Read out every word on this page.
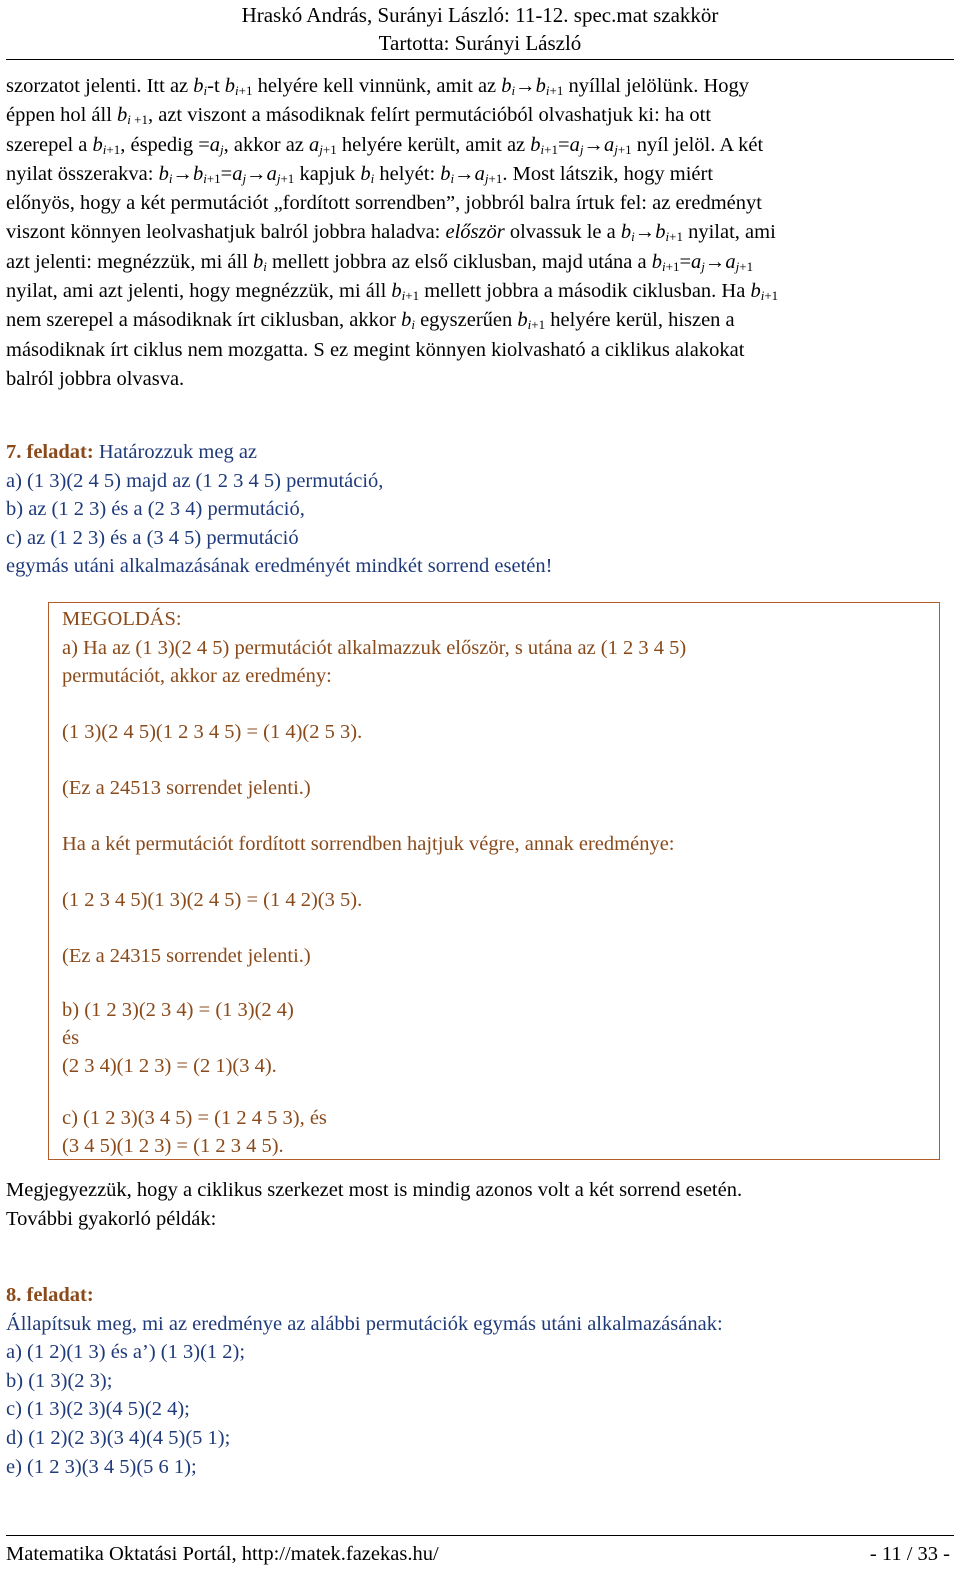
Hraskó András, Surányi László: 11-12. spec.mat szakkör
Tartotta: Surányi László
szorzatot jelenti. Itt az $b_i-t$ $b_{i+1}$ helyére kell vinnünk, amit az $b_i\to b_{i+1}$ nyíllal jelölünk. Hogy
éppen hol áll $b_i$ $_{+1}$, azt viszont a másodiknak felírt permutációból olvashatjuk ki: ha ott
szerepel a $b_{i+1}$, éspedig $=a_j$, akkor az $a_{j+1}$ helyére került, amit az $b_{i+1}=a_j\to a_{j+1}$ nyíl jelöl. A két
nyilat összerakva: $b_i\to b_{i+1}=a_j\to a_{j+1}$ kapjuk $b_i$ helyét: $b_i\to a_{j+1}$. Most látszik, hogy miért
előnyös, hogy a két permutációt „fordított sorrendben”, jobbról balra írtuk fel: az eredményt
viszont könnyen leolvashatjuk balról jobbra haladva: először olvassuk le a $b_i\to b_{i+1}$ nyilat, ami
azt jelenti: megnézzük, mi áll $b_i$ mellett jobbra az első ciklusban, majd utána a $b_{i+1}=a_j\to a_{j+1}$
nyilat, ami azt jelenti, hogy megnézzük, mi áll $b_{i+1}$ mellett jobbra a második ciklusban. Ha $b_{i+1}$
nem szerepel a másodiknak írt ciklusban, akkor $b_i$ egyszerűen $b_{i+1}$ helyére kerül, hiszen a
másodiknak írt ciklus nem mozgatta. S ez megint könnyen kiolvasható a ciklikus alakokat
balról jobbra olvasva.
7. feladat: Határozzuk meg az
a) (1 3)(2 4 5) majd az (1 2 3 4 5) permutáció,
b) az (1 2 3) és a (2 3 4) permutáció,
c) az (1 2 3) és a (3 4 5) permutáció
egymás utáni alkalmazásának eredményét mindkét sorrend esetén!
MEGOLDÁS:
a) Ha az (1 3)(2 4 5) permutációt alkalmazzuk először, s utána az (1 2 3 4 5)
permutációt, akkor az eredmény:
(1 3)(2 4 5)(1 2 3 4 5) = (1 4)(2 5 3).
(Ez a 24513 sorrendet jelenti.)
Ha a két permutációt fordított sorrendben hajtjuk végre, annak eredménye:
(1 2 3 4 5)(1 3)(2 4 5) = (1 4 2)(3 5).
(Ez a 24315 sorrendet jelenti.)
b) (1 2 3)(2 3 4) = (1 3)(2 4)
és
(2 3 4)(1 2 3) = (2 1)(3 4).
c) (1 2 3)(3 4 5) = (1 2 4 5 3), és
(3 4 5)(1 2 3) = (1 2 3 4 5).
Megjegyezzük, hogy a ciklikus szerkezet most is mindig azonos volt a két sorrend esetén.
További gyakorló példák:
8. feladat:
Állapítsuk meg, mi az eredménye az alábbi permutációk egymás utáni alkalmazásának:
a) (1 2)(1 3) és a’) (1 3)(1 2);
b) (1 3)(2 3);
c) (1 3)(2 3)(4 5)(2 4);
d) (1 2)(2 3)(3 4)(4 5)(5 1);
e) (1 2 3)(3 4 5)(5 6 1);
Matematika Oktatási Portál, http://matek.fazekas.hu/	- 11 / 33 -
